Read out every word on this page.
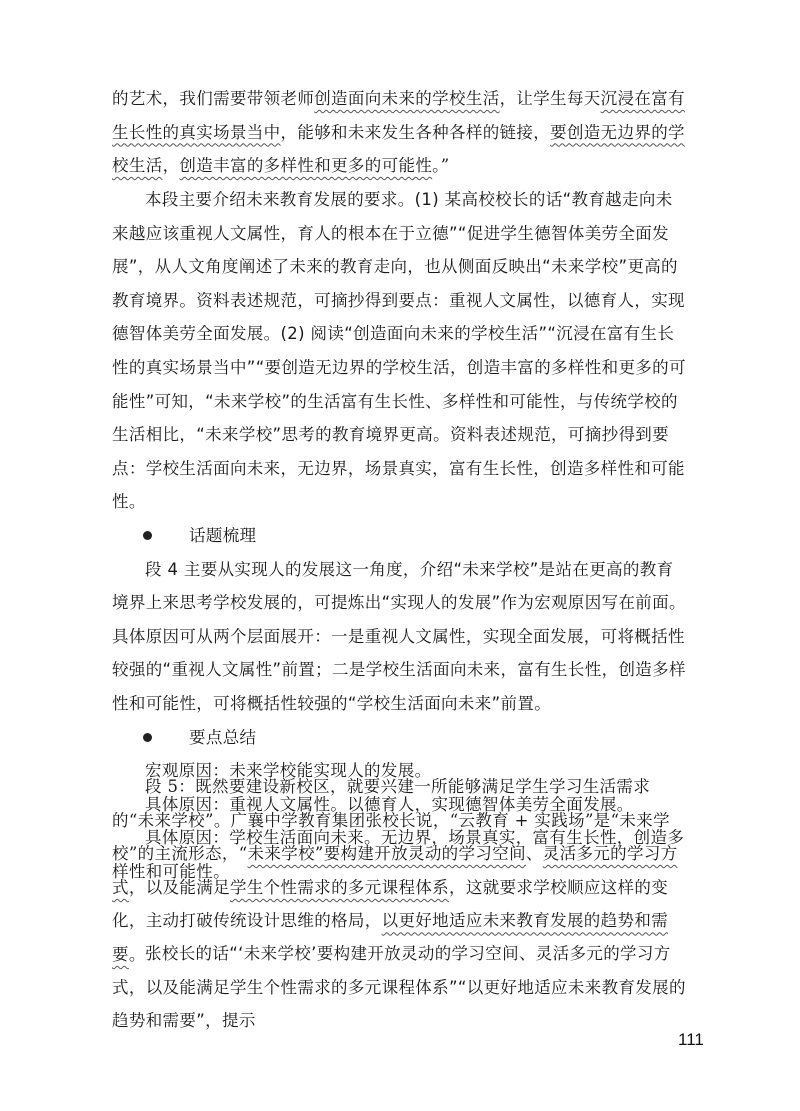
的艺术，我们需要带领老师创造面向未来的学校生活，让学生每天沉浸在富有生长性的真实场景当中，能够和未来发生各种各样的链接，要创造无边界的学校生活，创造丰富的多样性和更多的可能性。”

本段主要介绍未来教育发展的要求。(1) 某高校校长的话“教育越走向未来越应该重视人文属性，育人的根本在于立德”“促进学生德智体美劳全面发展”，从人文角度阐述了未来的教育走向，也从侧面反映出“未来学校”更高的教育境界。资料表述规范，可摘抄得到要点：重视人文属性，以德育人，实现德智体美劳全面发展。(2) 阅读“创造面向未来的学校生活”“沉浸在富有生长性的真实场景当中”“要创造无边界的学校生活，创造丰富的多样性和更多的可能性”可知，“未来学校”的生活富有生长性、多样性和可能性，与传统学校的生活相比，“未来学校”思考的教育境界更高。资料表述规范，可摘抄得到要点：学校生活面向未来，无边界，场景真实，富有生长性，创造多样性和可能性。

话题梳理

段 4 主要从实现人的发展这一角度，介绍“未来学校”是站在更高的教育境界上来思考学校发展的，可提炼出“实现人的发展”作为宏观原因写在前面。具体原因可从两个层面展开：一是重视人文属性，实现全面发展，可将概括性较强的“重视人文属性”前置；二是学校生活面向未来，富有生长性，创造多样性和可能性，可将概括性较强的“学校生活面向未来”前置。

要点总结

宏观原因：未来学校能实现人的发展。

具体原因：重视人文属性。以德育人，实现德智体美劳全面发展。

具体原因：学校生活面向未来。无边界，场景真实，富有生长性，创造多样性和可能性。

段 5：既然要建设新校区，就要兴建一所能够满足学生学习生活需求的“未来学校”。广襄中学教育集团张校长说，“云教育 + 实践场”是“未来学校”的主流形态，“未来学校”要构建开放灵动的学习空间、灵活多元的学习方式，以及能满足学生个性需求的多元课程体系，这就要求学校顺应这样的变化，主动打破传统设计思维的格局，以更好地适应未来教育发展的趋势和需要。 张校长的话“‘未来学校’要构建开放灵动的学习空间、灵活多元的学习方式，以及能满足学生个性需求的多元课程体系”“以更好地适应未来教育发展的趋势和需要”，提示

111
